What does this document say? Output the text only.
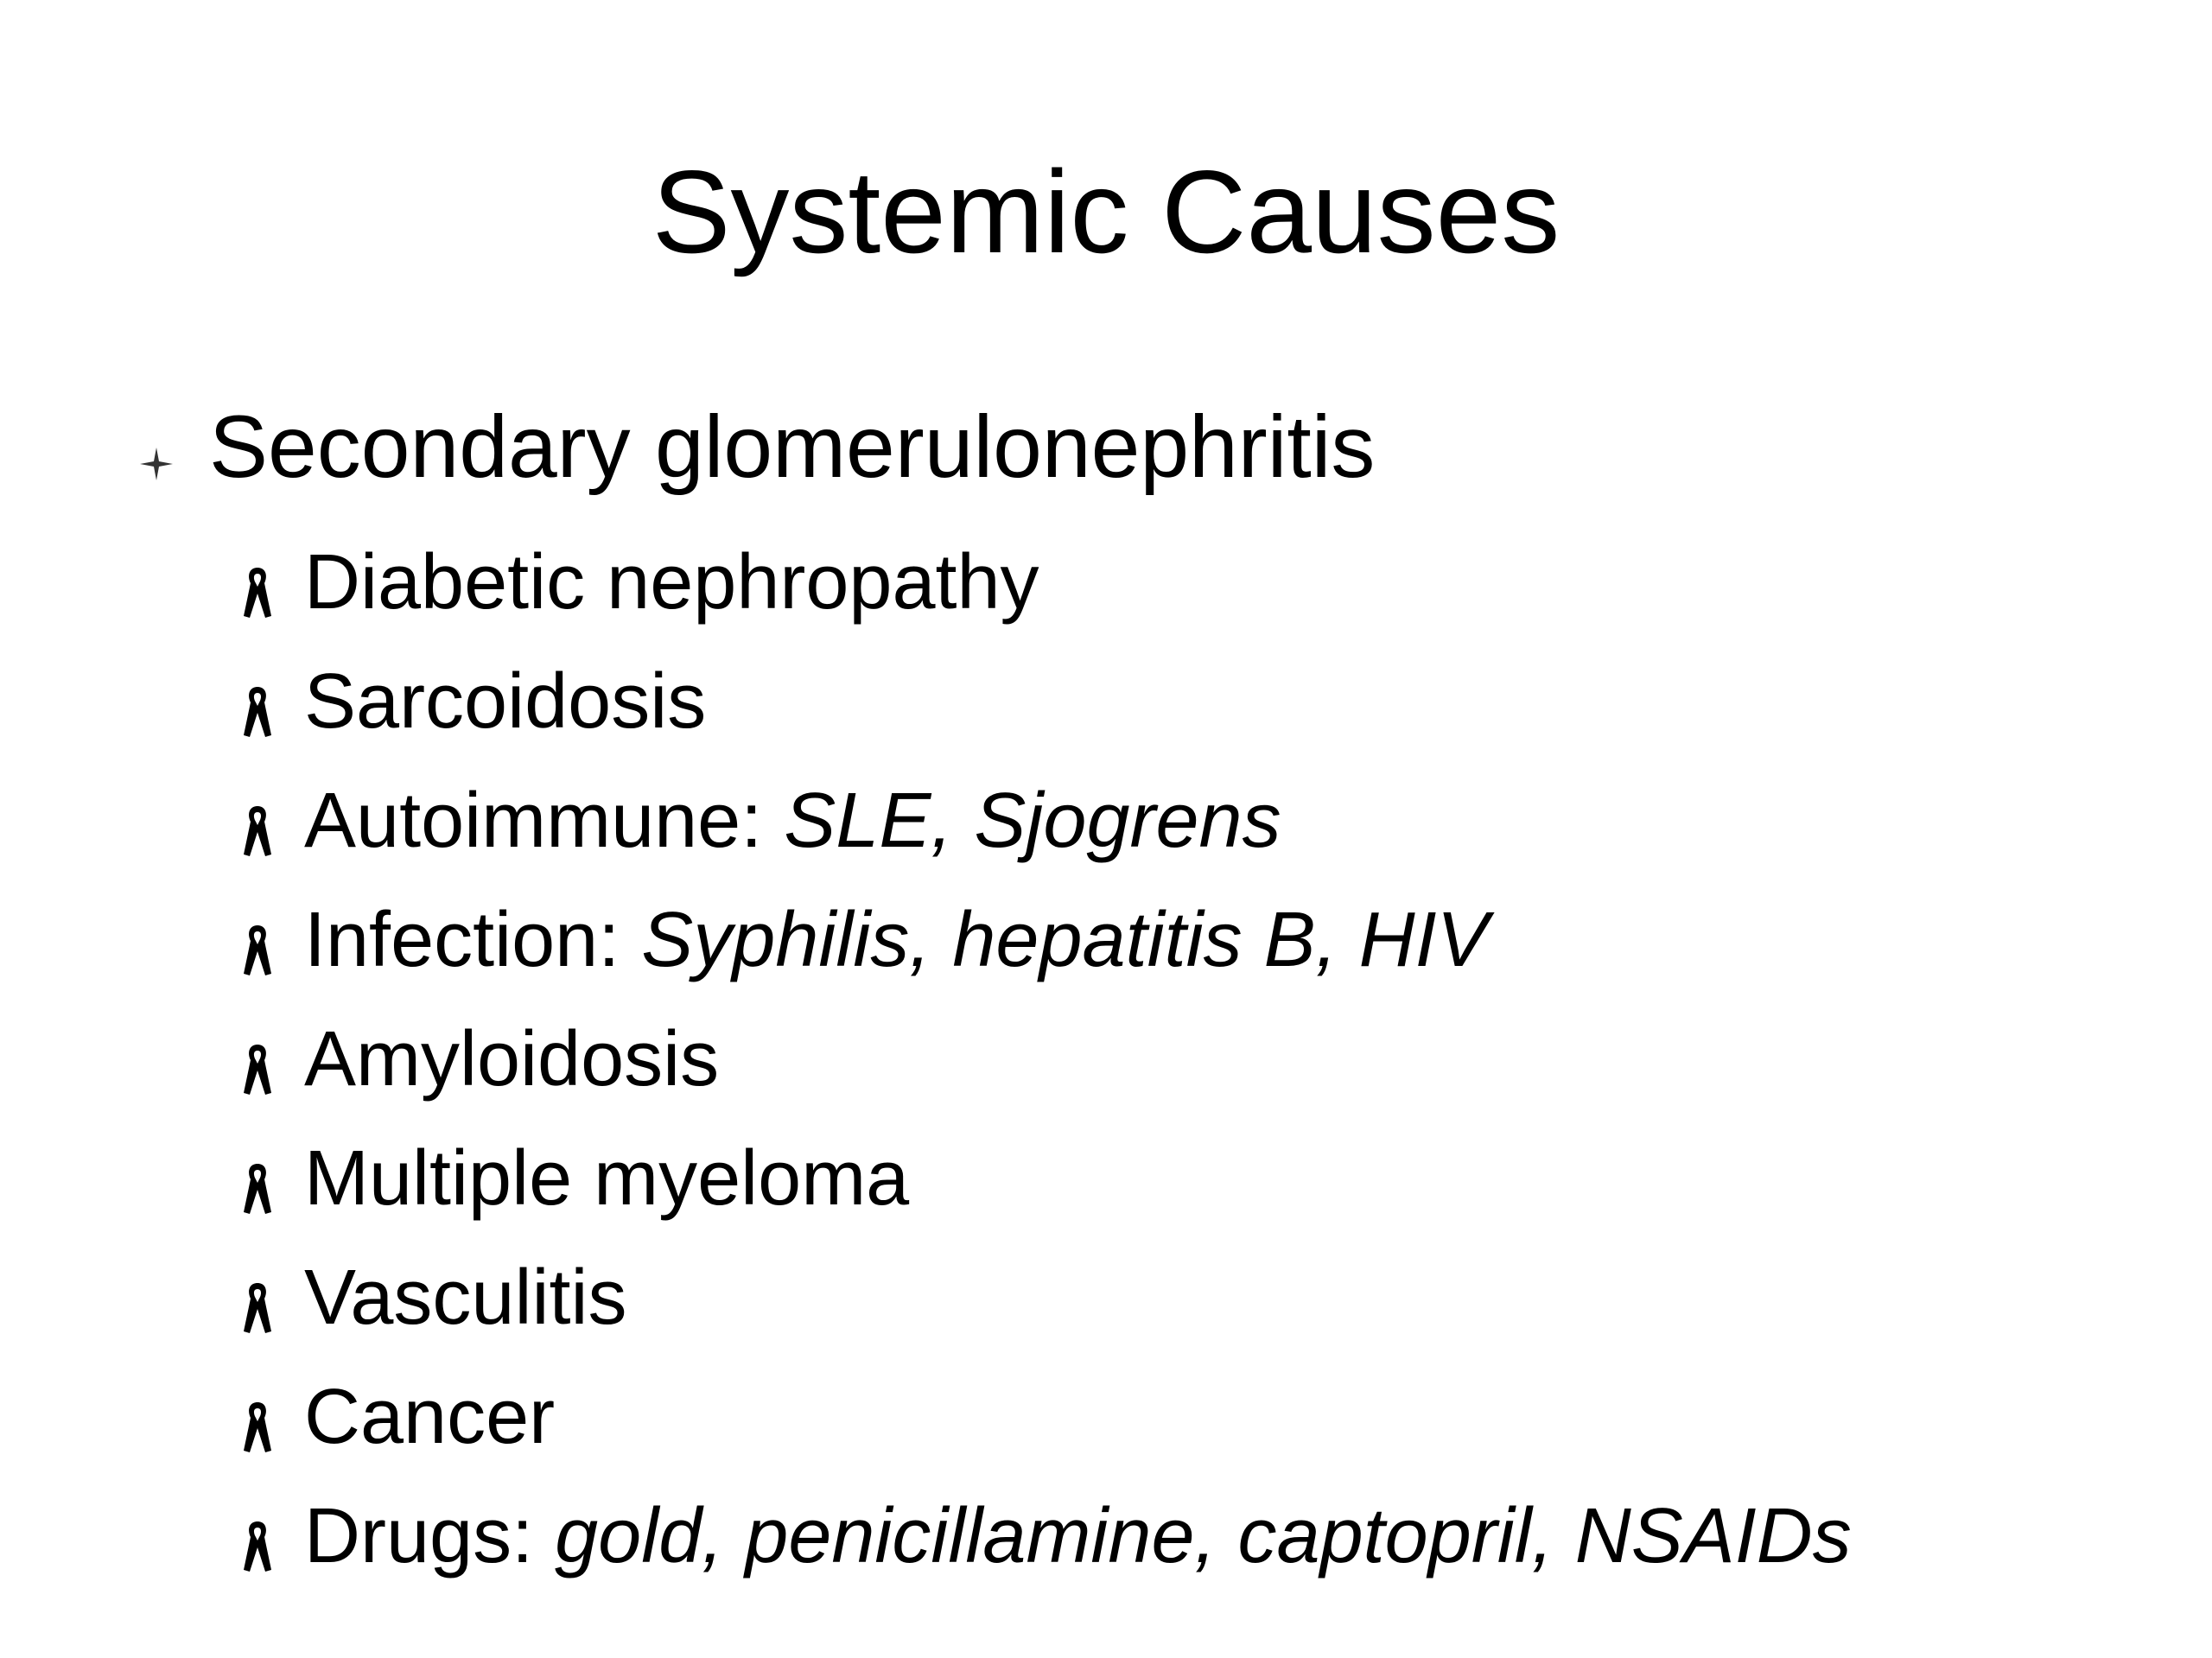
Systemic Causes
Secondary glomerulonephritis
Diabetic nephropathy
Sarcoidosis
Autoimmune: SLE, Sjogrens
Infection: Syphilis, hepatitis B, HIV
Amyloidosis
Multiple myeloma
Vasculitis
Cancer
Drugs: gold, penicillamine, captopril, NSAIDs
